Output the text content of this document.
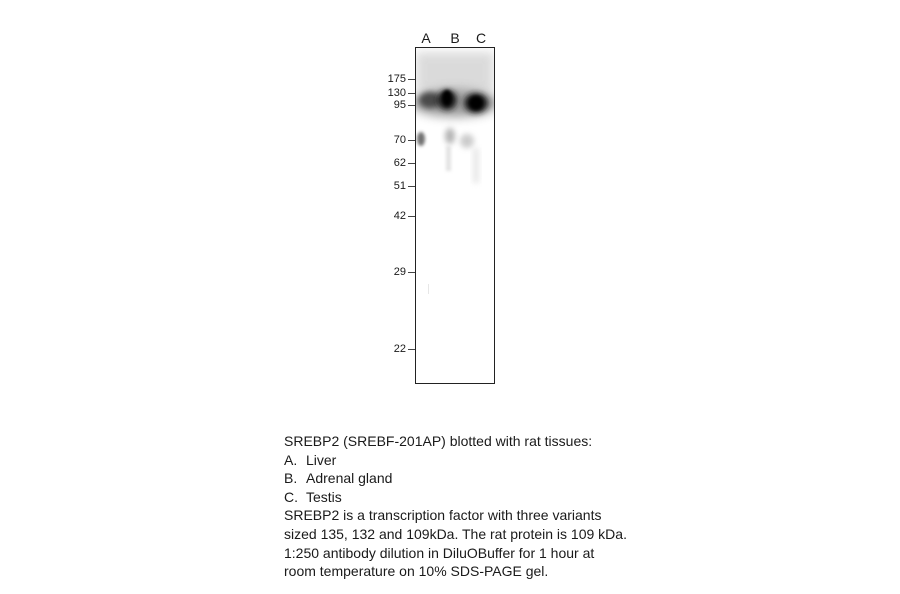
A B C
175
130
95
70
62
51
42
29
22
SREBP2 (SREBF-201AP) blotted with rat tissues:
A. Liver
B. Adrenal gland
C. Testis
SREBP2 is a transcription factor with three variants
sized 135, 132 and 109kDa. The rat protein is 109 kDa.
1:250 antibody dilution in DiluOBuffer for 1 hour at
room temperature on 10% SDS-PAGE gel.
